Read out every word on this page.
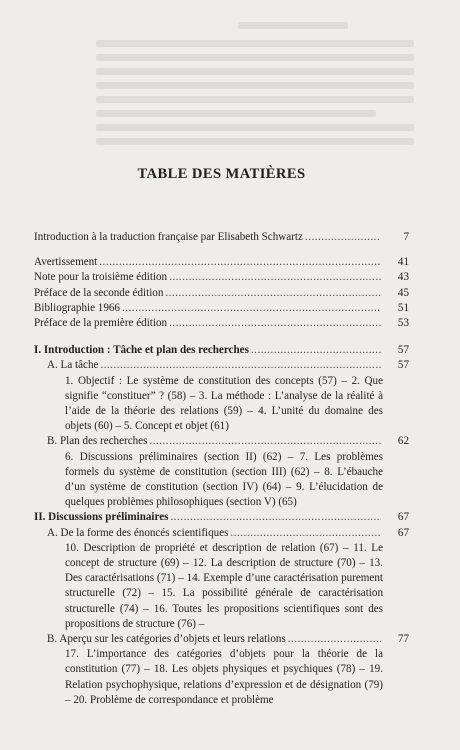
TABLE DES MATIÈRES
Introduction à la traduction française par Elisabeth Schwartz .....	7
Avertissement .....	41
Note pour la troisième édition .....	43
Préface de la seconde édition .....	45
Bibliographie 1966 .....	51
Préface de la première édition .....	53
I. Introduction : Tâche et plan des recherches .....	57
A. La tâche .....	57
1. Objectif : Le système de constitution des concepts (57) – 2. Que signifie “constituer” ? (58) – 3. La méthode : L’analyse de la réalité à l’aide de la théorie des relations (59) – 4. L’unité du domaine des objets (60) – 5. Concept et objet (61)
B. Plan des recherches .....	62
6. Discussions préliminaires (section II) (62) – 7. Les problèmes formels du système de constitution (section III) (62) – 8. L’ébauche d’un système de constitution (section IV) (64) – 9. L’élucidation de quelques problèmes philosophiques (section V) (65)
II. Discussions préliminaires .....	67
A. De la forme des énoncés scientifiques .....	67
10. Description de propriété et description de relation (67) – 11. Le concept de structure (69) – 12. La description de structure (70) – 13. Des caractérisations (71) – 14. Exemple d’une caractérisation purement structurelle (72) – 15. La possibilité générale de caractérisation structurelle (74) – 16. Toutes les propositions scientifiques sont des propositions de structure (76) –
B. Aperçu sur les catégories d’objets et leurs relations .....	77
17. L’importance des catégories d’objets pour la théorie de la constitution (77) – 18. Les objets physiques et psychiques (78) – 19. Relation psychophysique, relations d’expression et de désignation (79) – 20. Problème de correspondance et problème
